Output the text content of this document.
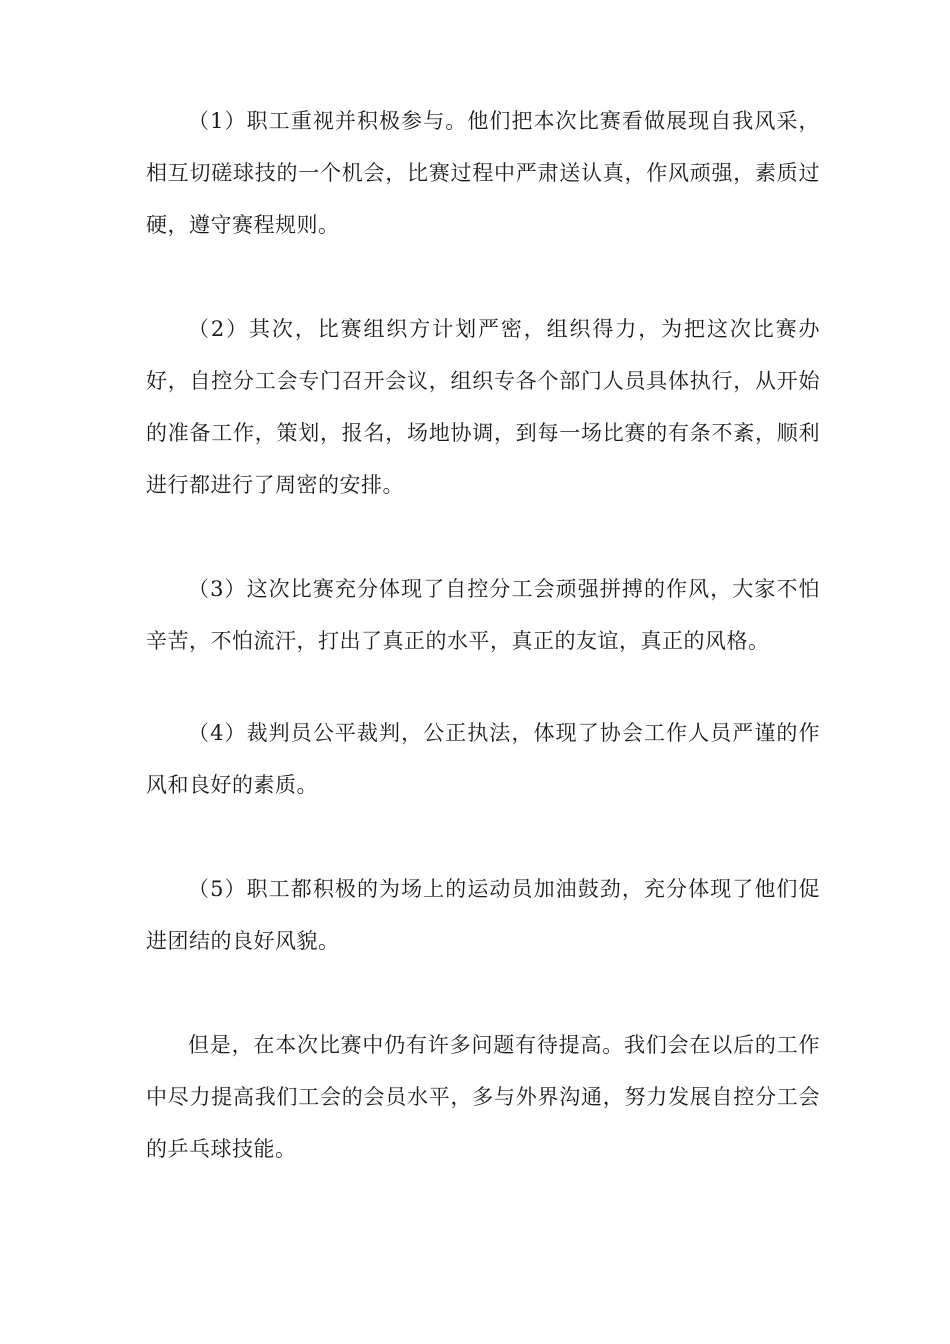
（1）职工重视并积极参与。他们把本次比赛看做展现自我风采，相互切磋球技的一个机会，比赛过程中严肃送认真，作风顽强，素质过硬，遵守赛程规则。

（2）其次，比赛组织方计划严密，组织得力，为把这次比赛办好，自控分工会专门召开会议，组织专各个部门人员具体执行，从开始的准备工作，策划，报名，场地协调，到每一场比赛的有条不紊，顺利进行都进行了周密的安排。

（3）这次比赛充分体现了自控分工会顽强拼搏的作风，大家不怕辛苦，不怕流汗，打出了真正的水平，真正的友谊，真正的风格。

（4）裁判员公平裁判，公正执法，体现了协会工作人员严谨的作风和良好的素质。

（5）职工都积极的为场上的运动员加油鼓劲，充分体现了他们促进团结的良好风貌。

但是，在本次比赛中仍有许多问题有待提高。我们会在以后的工作中尽力提高我们工会的会员水平，多与外界沟通，努力发展自控分工会的乒乓球技能。
